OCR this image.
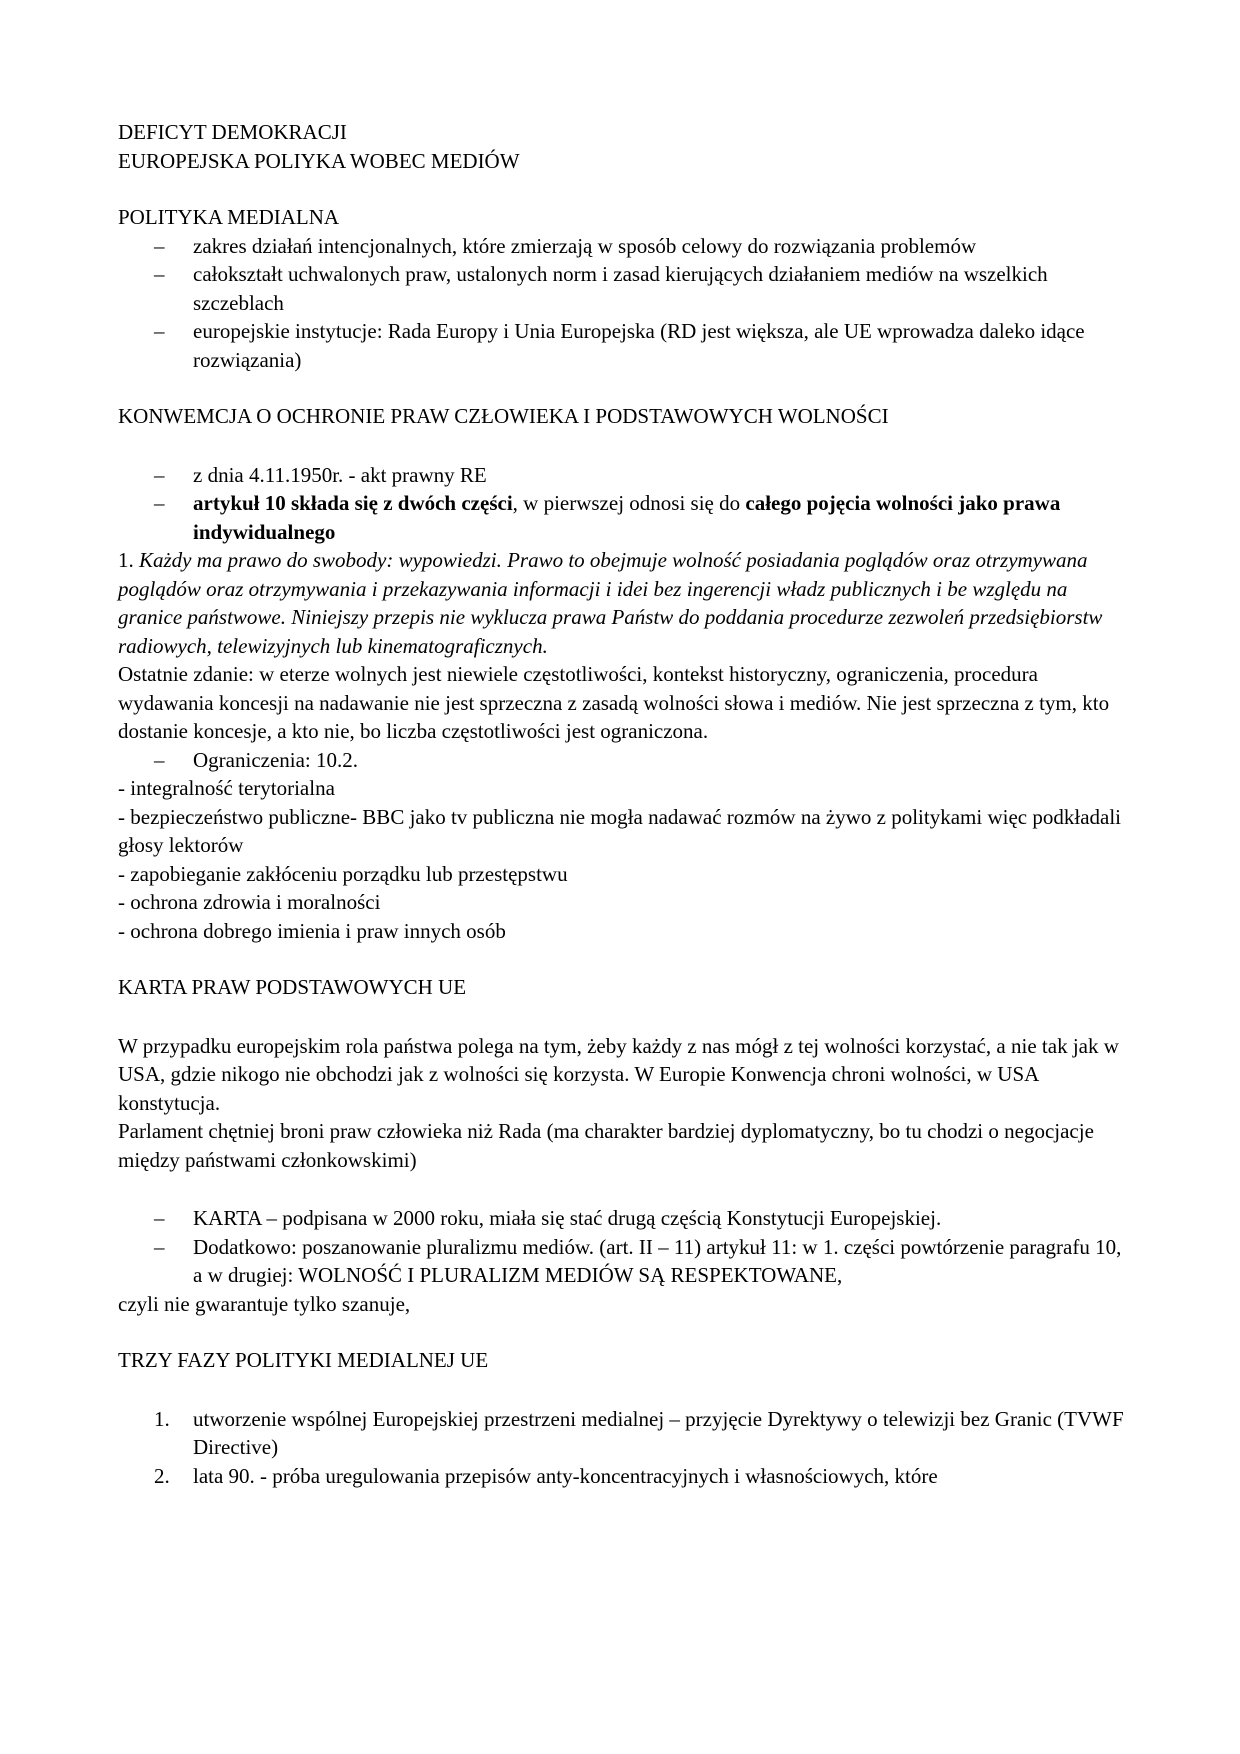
DEFICYT DEMOKRACJI

EUROPEJSKA POLIYKA WOBEC MEDIÓW

POLITYKA MEDIALNA

– zakres działań intencjonalnych, które zmierzają w sposób celowy do rozwiązania problemów
– całokształt uchwalonych praw, ustalonych norm i zasad kierujących działaniem mediów na wszelkich szczeblach
– europejskie instytucje: Rada Europy i Unia Europejska (RD jest większa, ale UE wprowadza daleko idące rozwiązania)

KONWEMCJA O OCHRONIE PRAW CZŁOWIEKA I PODSTAWOWYCH WOLNOŚCI

– z dnia 4.11.1950r. - akt prawny RE
– artykuł 10 składa się z dwóch części, w pierwszej odnosi się do całego pojęcia wolności jako prawa indywidualnego

1. Każdy ma prawo do swobody: wypowiedzi. Prawo to obejmuje wolność posiadania poglądów oraz otrzymywana poglądów oraz otrzymywania i przekazywania informacji i idei bez ingerencji władz publicznych i be względu na granice państwowe. Niniejszy przepis nie wyklucza prawa Państw do poddania procedurze zezwoleń przedsiębiorstw radiowych, telewizyjnych lub kinematograficznych.

Ostatnie zdanie: w eterze wolnych jest niewiele częstotliwości, kontekst historyczny, ograniczenia, procedura wydawania koncesji na nadawanie nie jest sprzeczna z zasadą wolności słowa i mediów. Nie jest sprzeczna z tym, kto dostanie koncesje, a kto nie, bo liczba częstotliwości jest ograniczona.

– Ograniczenia: 10.2.

- integralność terytorialna

- bezpieczeństwo publiczne- BBC jako tv publiczna nie mogła nadawać rozmów na żywo z politykami więc podkładali głosy lektorów

- zapobieganie zakłóceniu porządku lub przestępstwu

- ochrona zdrowia i moralności

- ochrona dobrego imienia i praw innych osób

KARTA PRAW PODSTAWOWYCH UE

W przypadku europejskim rola państwa polega na tym, żeby każdy z nas mógł z tej wolności korzystać, a nie tak jak w USA, gdzie nikogo nie obchodzi jak z wolności się korzysta. W Europie Konwencja chroni wolności, w USA konstytucja.

Parlament chętniej broni praw człowieka niż Rada (ma charakter bardziej dyplomatyczny, bo tu chodzi o negocjacje między państwami członkowskimi)

– KARTA – podpisana w 2000 roku, miała się stać drugą częścią Konstytucji Europejskiej.
– Dodatkowo: poszanowanie pluralizmu mediów. (art. II – 11) artykuł 11: w 1. części powtórzenie paragrafu 10, a w drugiej: WOLNOŚĆ I PLURALIZM MEDIÓW SĄ RESPEKTOWANE,

czyli nie gwarantuje tylko szanuje,

TRZY FAZY POLITYKI MEDIALNEJ UE

1. utworzenie wspólnej Europejskiej przestrzeni medialnej – przyjęcie Dyrektywy o telewizji bez Granic (TVWF Directive)
2. lata 90. - próba uregulowania przepisów anty-koncentracyjnych i własnościowych, które
